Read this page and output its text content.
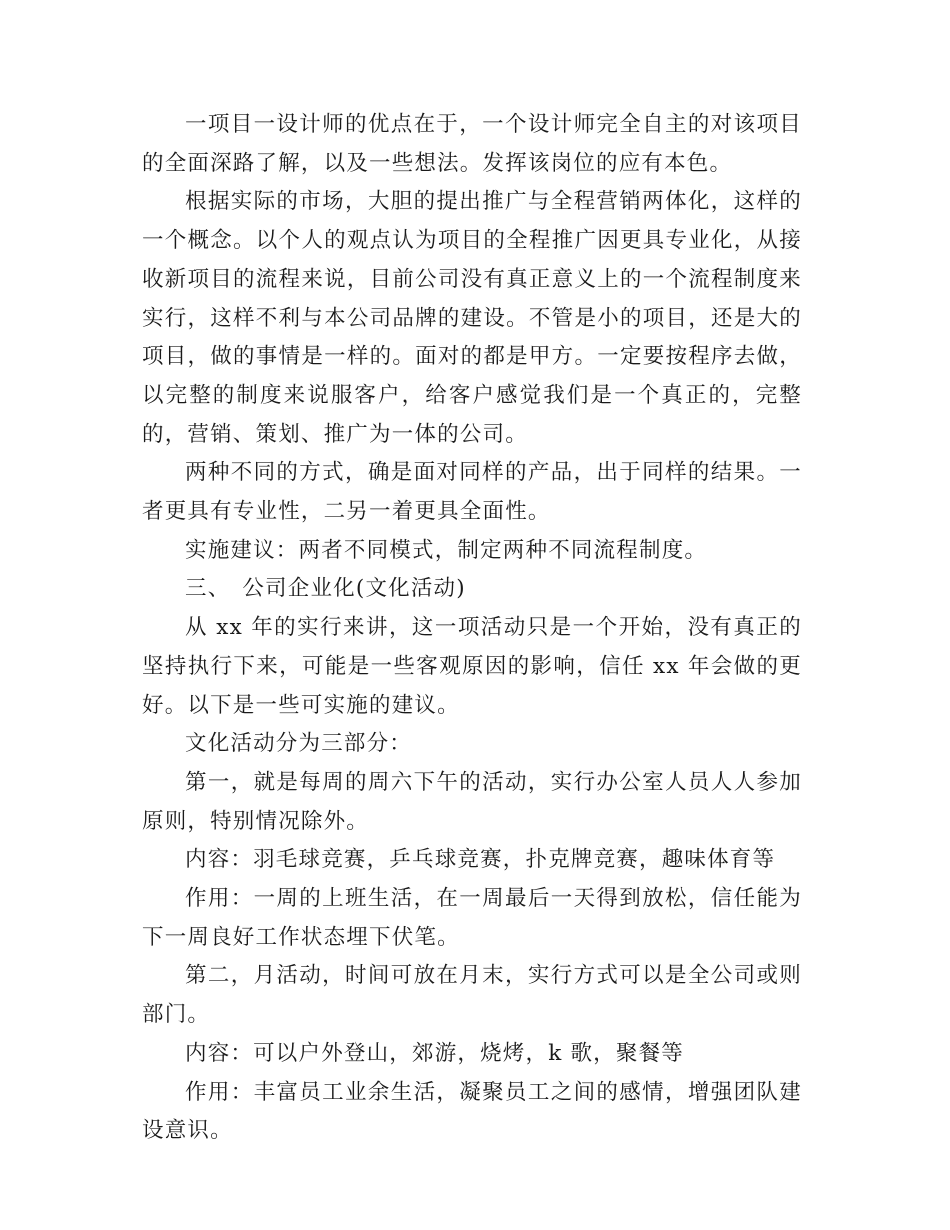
一项目一设计师的优点在于，一个设计师完全自主的对该项目的全面深路了解，以及一些想法。发挥该岗位的应有本色。

根据实际的市场，大胆的提出推广与全程营销两体化，这样的一个概念。以个人的观点认为项目的全程推广因更具专业化，从接收新项目的流程来说，目前公司没有真正意义上的一个流程制度来实行，这样不利与本公司品牌的建设。不管是小的项目，还是大的项目，做的事情是一样的。面对的都是甲方。一定要按程序去做，以完整的制度来说服客户，给客户感觉我们是一个真正的，完整的，营销、策划、推广为一体的公司。

两种不同的方式，确是面对同样的产品，出于同样的结果。一者更具有专业性，二另一着更具全面性。

实施建议：两者不同模式，制定两种不同流程制度。

三、　公司企业化(文化活动)

从 xx 年的实行来讲，这一项活动只是一个开始，没有真正的坚持执行下来，可能是一些客观原因的影响，信任 xx 年会做的更好。以下是一些可实施的建议。

文化活动分为三部分：

第一，就是每周的周六下午的活动，实行办公室人员人人参加原则，特别情况除外。

内容：羽毛球竞赛，乒乓球竞赛，扑克牌竞赛，趣味体育等

作用：一周的上班生活，在一周最后一天得到放松，信任能为下一周良好工作状态埋下伏笔。

第二，月活动，时间可放在月末，实行方式可以是全公司或则部门。

内容：可以户外登山，郊游，烧烤，k 歌，聚餐等

作用：丰富员工业余生活，凝聚员工之间的感情，增强团队建设意识。
